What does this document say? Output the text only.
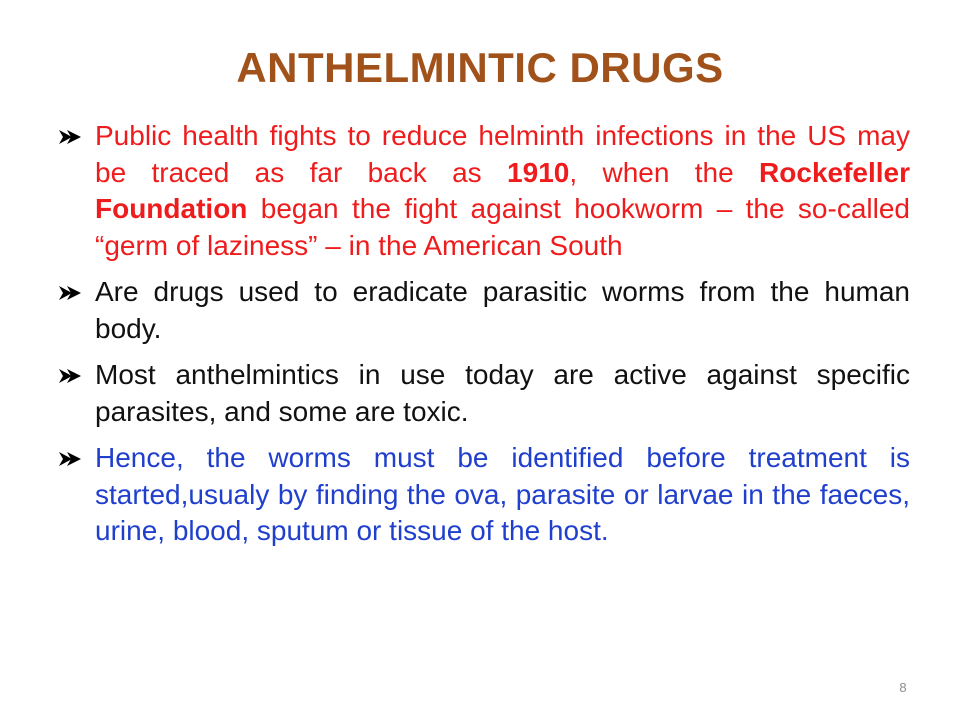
ANTHELMINTIC DRUGS
Public health fights to reduce helminth infections in the US may be traced as far back as 1910, when the Rockefeller Foundation began the fight against hookworm – the so-called “germ of laziness” – in the American South
Are drugs used to eradicate parasitic worms from the human body.
Most anthelmintics in use today are active against specific parasites, and some are toxic.
Hence, the worms must be identified before treatment is started,usualy by finding the ova, parasite or larvae in the faeces, urine, blood, sputum or tissue of the host.
8
